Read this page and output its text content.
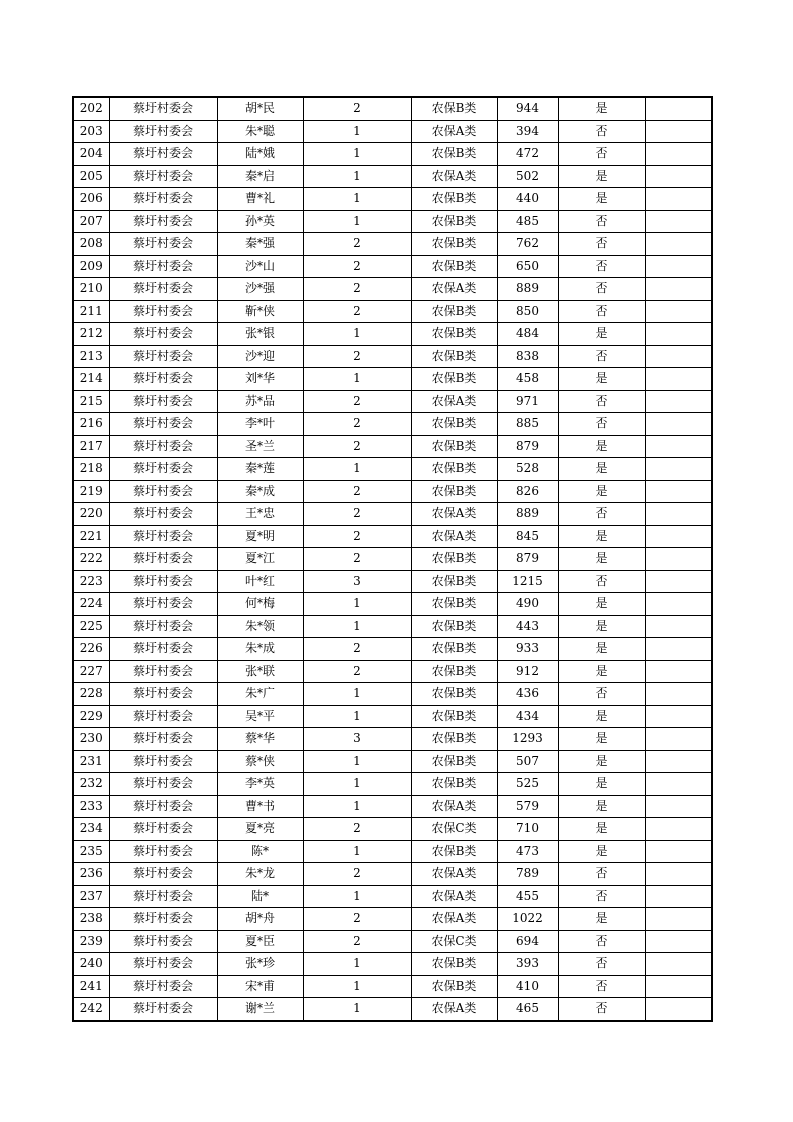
202	蔡圩村委会	胡*民	2	农保B类	944	是	
203	蔡圩村委会	朱*聪	1	农保A类	394	否	
204	蔡圩村委会	陆*娥	1	农保B类	472	否	
205	蔡圩村委会	秦*启	1	农保A类	502	是	
206	蔡圩村委会	曹*礼	1	农保B类	440	是	
207	蔡圩村委会	孙*英	1	农保B类	485	否	
208	蔡圩村委会	秦*强	2	农保B类	762	否	
209	蔡圩村委会	沙*山	2	农保B类	650	否	
210	蔡圩村委会	沙*强	2	农保A类	889	否	
211	蔡圩村委会	靳*侠	2	农保B类	850	否	
212	蔡圩村委会	张*银	1	农保B类	484	是	
213	蔡圩村委会	沙*迎	2	农保B类	838	否	
214	蔡圩村委会	刘*华	1	农保B类	458	是	
215	蔡圩村委会	苏*品	2	农保A类	971	否	
216	蔡圩村委会	李*叶	2	农保B类	885	否	
217	蔡圩村委会	圣*兰	2	农保B类	879	是	
218	蔡圩村委会	秦*莲	1	农保B类	528	是	
219	蔡圩村委会	秦*成	2	农保B类	826	是	
220	蔡圩村委会	王*忠	2	农保A类	889	否	
221	蔡圩村委会	夏*明	2	农保A类	845	是	
222	蔡圩村委会	夏*江	2	农保B类	879	是	
223	蔡圩村委会	叶*红	3	农保B类	1215	否	
224	蔡圩村委会	何*梅	1	农保B类	490	是	
225	蔡圩村委会	朱*领	1	农保B类	443	是	
226	蔡圩村委会	朱*成	2	农保B类	933	是	
227	蔡圩村委会	张*联	2	农保B类	912	是	
228	蔡圩村委会	朱*广	1	农保B类	436	否	
229	蔡圩村委会	吴*平	1	农保B类	434	是	
230	蔡圩村委会	蔡*华	3	农保B类	1293	是	
231	蔡圩村委会	蔡*侠	1	农保B类	507	是	
232	蔡圩村委会	李*英	1	农保B类	525	是	
233	蔡圩村委会	曹*书	1	农保A类	579	是	
234	蔡圩村委会	夏*亮	2	农保C类	710	是	
235	蔡圩村委会	陈*	1	农保B类	473	是	
236	蔡圩村委会	朱*龙	2	农保A类	789	否	
237	蔡圩村委会	陆*	1	农保A类	455	否	
238	蔡圩村委会	胡*舟	2	农保A类	1022	是	
239	蔡圩村委会	夏*臣	2	农保C类	694	否	
240	蔡圩村委会	张*珍	1	农保B类	393	否	
241	蔡圩村委会	宋*甫	1	农保B类	410	否	
242	蔡圩村委会	谢*兰	1	农保A类	465	否	
